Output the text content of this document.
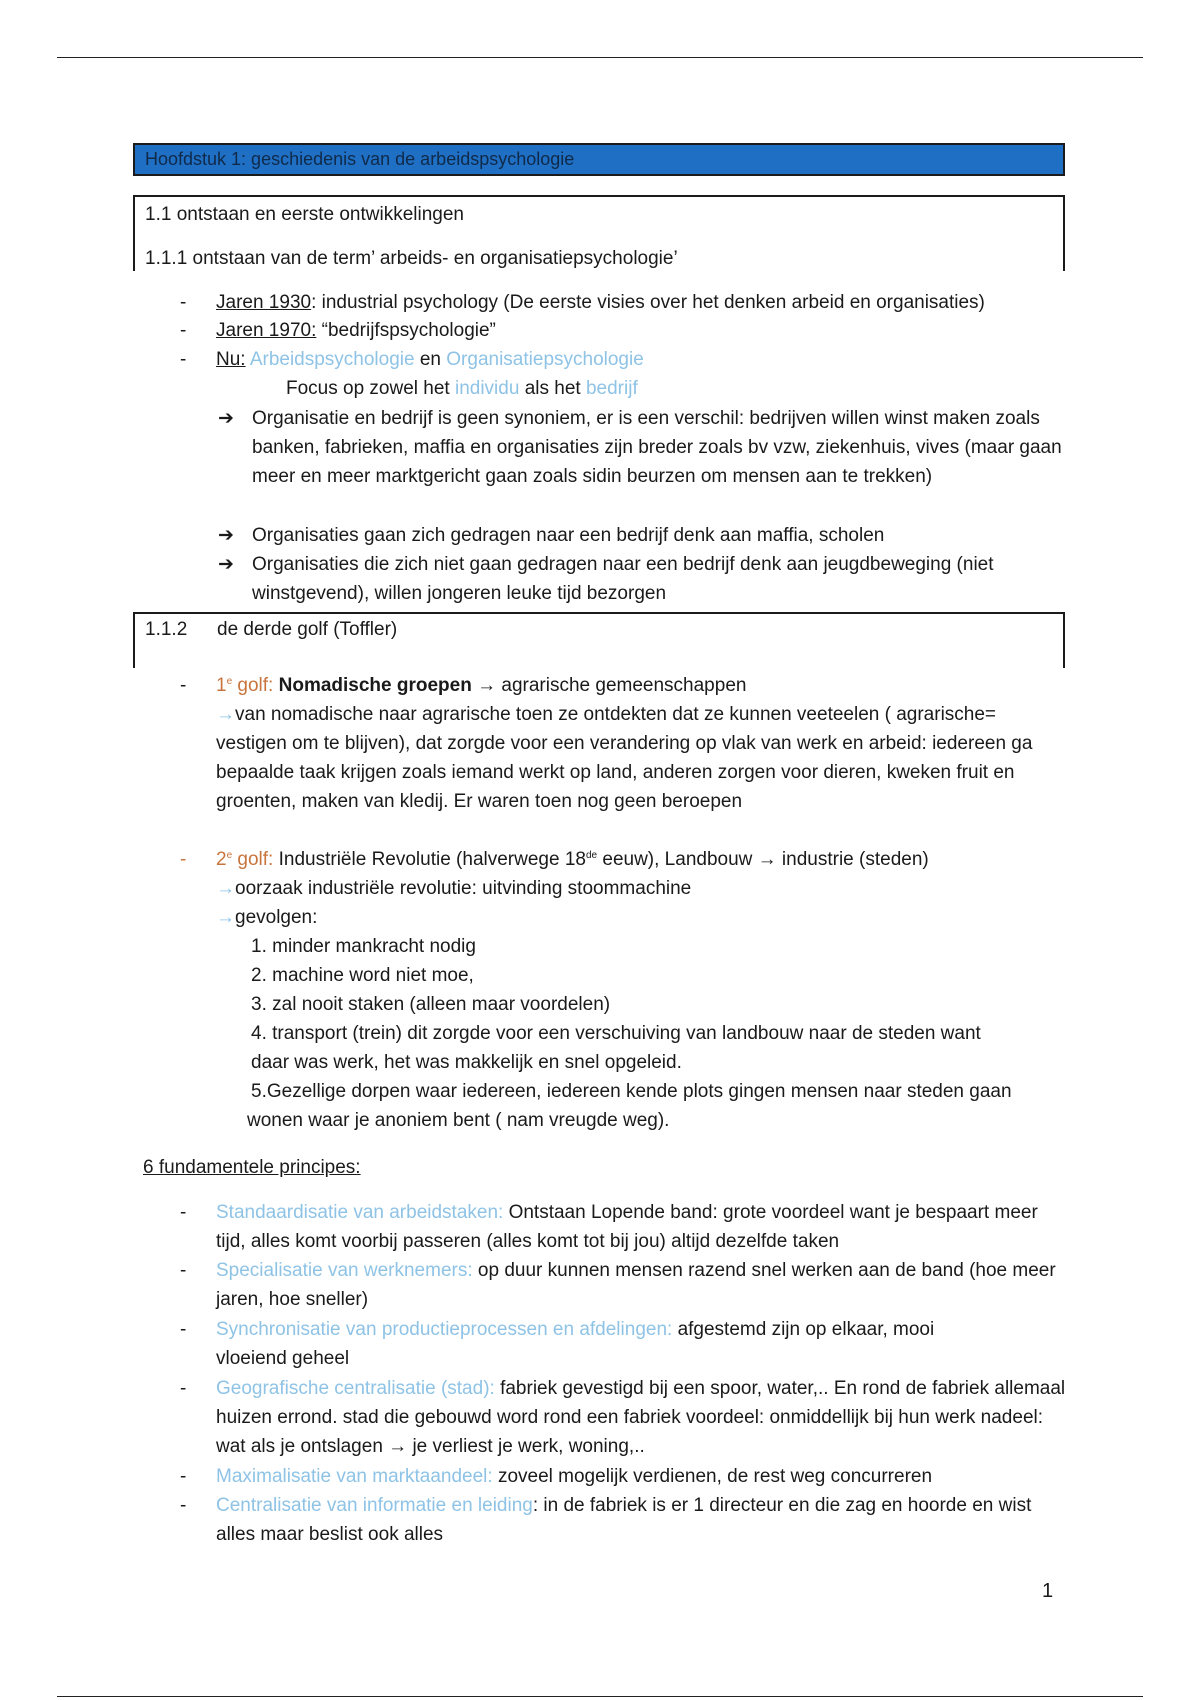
Hoofdstuk 1: geschiedenis van de arbeidspsychologie
1.1 ontstaan en eerste ontwikkelingen
1.1.1 ontstaan van de term’ arbeids- en organisatiepsychologie’
- Jaren 1930: industrial psychology (De eerste visies over het denken arbeid en organisaties)
- Jaren 1970: “bedrijfspsychologie”
- Nu: Arbeidspsychologie en Organisatiepsychologie
Focus op zowel het individu als het bedrijf
➔ Organisatie en bedrijf is geen synoniem, er is een verschil: bedrijven willen winst maken zoals banken, fabrieken, maffia en organisaties zijn breder zoals bv vzw, ziekenhuis, vives (maar gaan meer en meer marktgericht gaan zoals sidin beurzen om mensen aan te trekken)
➔ Organisaties gaan zich gedragen naar een bedrijf denk aan maffia, scholen
➔ Organisaties die zich niet gaan gedragen naar een bedrijf denk aan jeugdbeweging (niet winstgevend), willen jongeren leuke tijd bezorgen
1.1.2 de derde golf (Toffler)
- 1e golf: Nomadische groepen → agrarische gemeenschappen
→van nomadische naar agrarische toen ze ontdekten dat ze kunnen veeteelen ( agrarische= vestigen om te blijven), dat zorgde voor een verandering op vlak van werk en arbeid: iedereen ga bepaalde taak krijgen zoals iemand werkt op land, anderen zorgen voor dieren, kweken fruit en groenten, maken van kledij. Er waren toen nog geen beroepen
- 2e golf: Industriële Revolutie (halverwege 18de eeuw), Landbouw → industrie (steden)
→oorzaak industriële revolutie: uitvinding stoommachine
→gevolgen:
1. minder mankracht nodig
2. machine word niet moe,
3. zal nooit staken (alleen maar voordelen)
4. transport (trein) dit zorgde voor een verschuiving van landbouw naar de steden want daar was werk, het was makkelijk en snel opgeleid.
5.Gezellige dorpen waar iedereen, iedereen kende plots gingen mensen naar steden gaan wonen waar je anoniem bent ( nam vreugde weg).
6 fundamentele principes:
- Standaardisatie van arbeidstaken: Ontstaan Lopende band: grote voordeel want je bespaart meer tijd, alles komt voorbij passeren (alles komt tot bij jou) altijd dezelfde taken
- Specialisatie van werknemers: op duur kunnen mensen razend snel werken aan de band (hoe meer jaren, hoe sneller)
- Synchronisatie van productieprocessen en afdelingen: afgestemd zijn op elkaar, mooi vloeiend geheel
- Geografische centralisatie (stad): fabriek gevestigd bij een spoor, water,.. En rond de fabriek allemaal huizen errond. stad die gebouwd word rond een fabriek voordeel: onmiddellijk bij hun werk nadeel: wat als je ontslagen → je verliest je werk, woning,..
- Maximalisatie van marktaandeel: zoveel mogelijk verdienen, de rest weg concurreren
- Centralisatie van informatie en leiding: in de fabriek is er 1 directeur en die zag en hoorde en wist alles maar beslist ook alles
1
